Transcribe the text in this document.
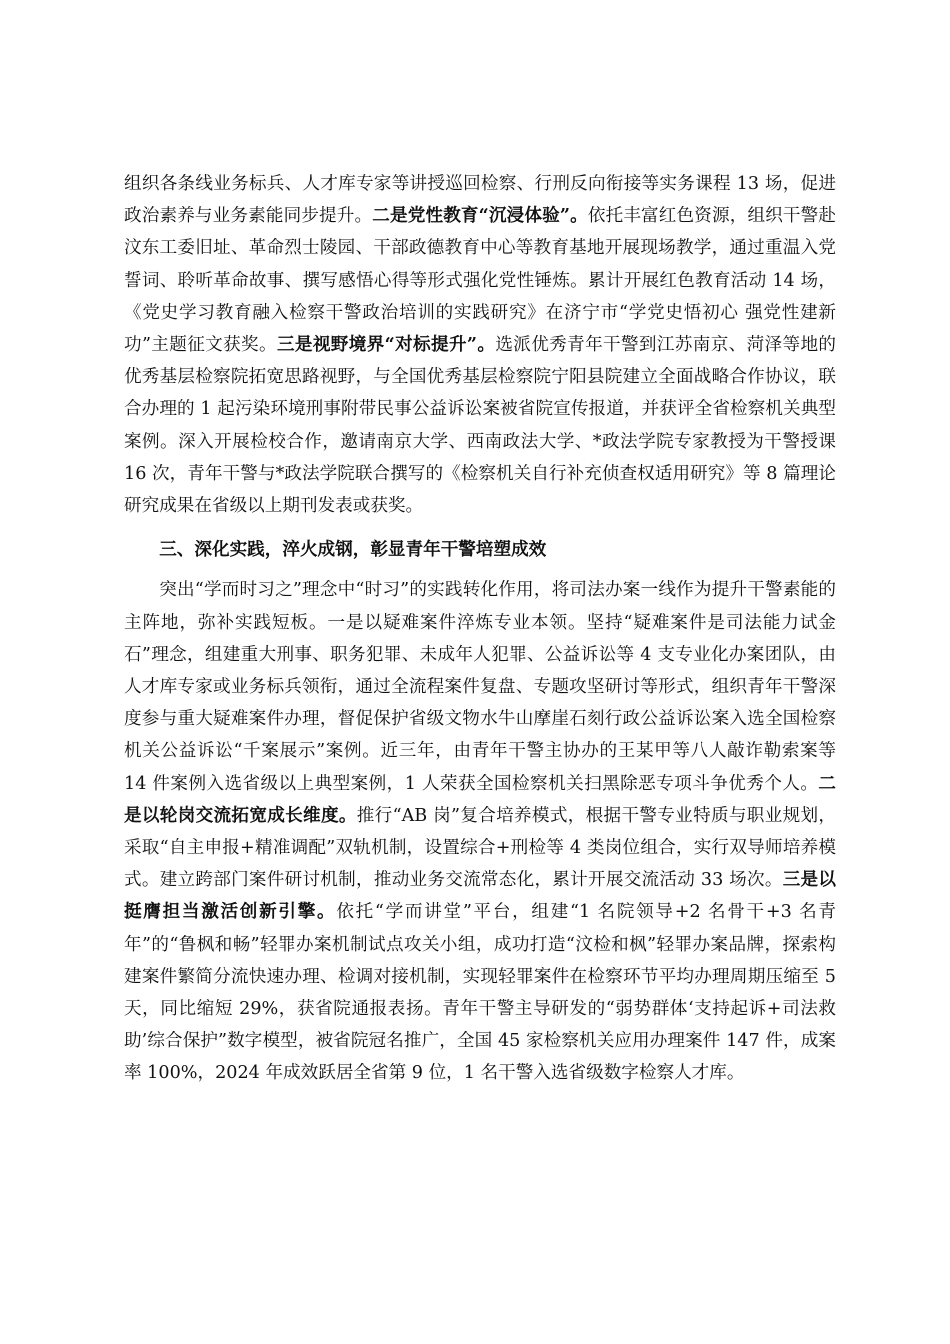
组织各条线业务标兵、人才库专家等讲授巡回检察、行刑反向衔接等实务课程 13 场，促进政治素养与业务素能同步提升。二是党性教育“沉浸体验”。依托丰富红色资源，组织干警赴汶东工委旧址、革命烈士陵园、干部政德教育中心等教育基地开展现场教学，通过重温入党誓词、聆听革命故事、撰写感悟心得等形式强化党性锤炼。累计开展红色教育活动 14 场，《党史学习教育融入检察干警政治培训的实践研究》在济宁市“学党史悟初心 强党性建新功”主题征文获奖。三是视野境界“对标提升”。选派优秀青年干警到江苏南京、菏泽等地的优秀基层检察院拓宽思路视野，与全国优秀基层检察院宁阳县院建立全面战略合作协议，联合办理的 1 起污染环境刑事附带民事公益诉讼案被省院宣传报道，并获评全省检察机关典型案例。深入开展检校合作，邀请南京大学、西南政法大学、*政法学院专家教授为干警授课 16 次，青年干警与*政法学院联合撰写的《检察机关自行补充侦查权适用研究》等 8 篇理论研究成果在省级以上期刊发表或获奖。

三、深化实践，淬火成钢，彰显青年干警培塑成效

突出“学而时习之”理念中“时习”的实践转化作用，将司法办案一线作为提升干警素能的主阵地，弥补实践短板。一是以疑难案件淬炼专业本领。坚持“疑难案件是司法能力试金石”理念，组建重大刑事、职务犯罪、未成年人犯罪、公益诉讼等 4 支专业化办案团队，由人才库专家或业务标兵领衔，通过全流程案件复盘、专题攻坚研讨等形式，组织青年干警深度参与重大疑难案件办理，督促保护省级文物水牛山摩崖石刻行政公益诉讼案入选全国检察机关公益诉讼“千案展示”案例。近三年，由青年干警主协办的王某甲等八人敲诈勒索案等 14 件案例入选省级以上典型案例，1 人荣获全国检察机关扫黑除恶专项斗争优秀个人。二是以轮岗交流拓宽成长维度。推行“AB 岗”复合培养模式，根据干警专业特质与职业规划，采取“自主申报+精准调配”双轨机制，设置综合+刑检等 4 类岗位组合，实行双导师培养模式。建立跨部门案件研讨机制，推动业务交流常态化，累计开展交流活动 33 场次。三是以挺膺担当激活创新引擎。依托“学而讲堂”平台，组建“1 名院领导+2 名骨干+3 名青年”的“鲁枫和畅”轻罪办案机制试点攻关小组，成功打造“汶检和枫”轻罪办案品牌，探索构建案件繁简分流快速办理、检调对接机制，实现轻罪案件在检察环节平均办理周期压缩至 5 天，同比缩短 29%，获省院通报表扬。青年干警主导研发的“弱势群体‘支持起诉+司法救助’综合保护”数字模型，被省院冠名推广，全国 45 家检察机关应用办理案件 147 件，成案率 100%，2024 年成效跃居全省第 9 位，1 名干警入选省级数字检察人才库。
